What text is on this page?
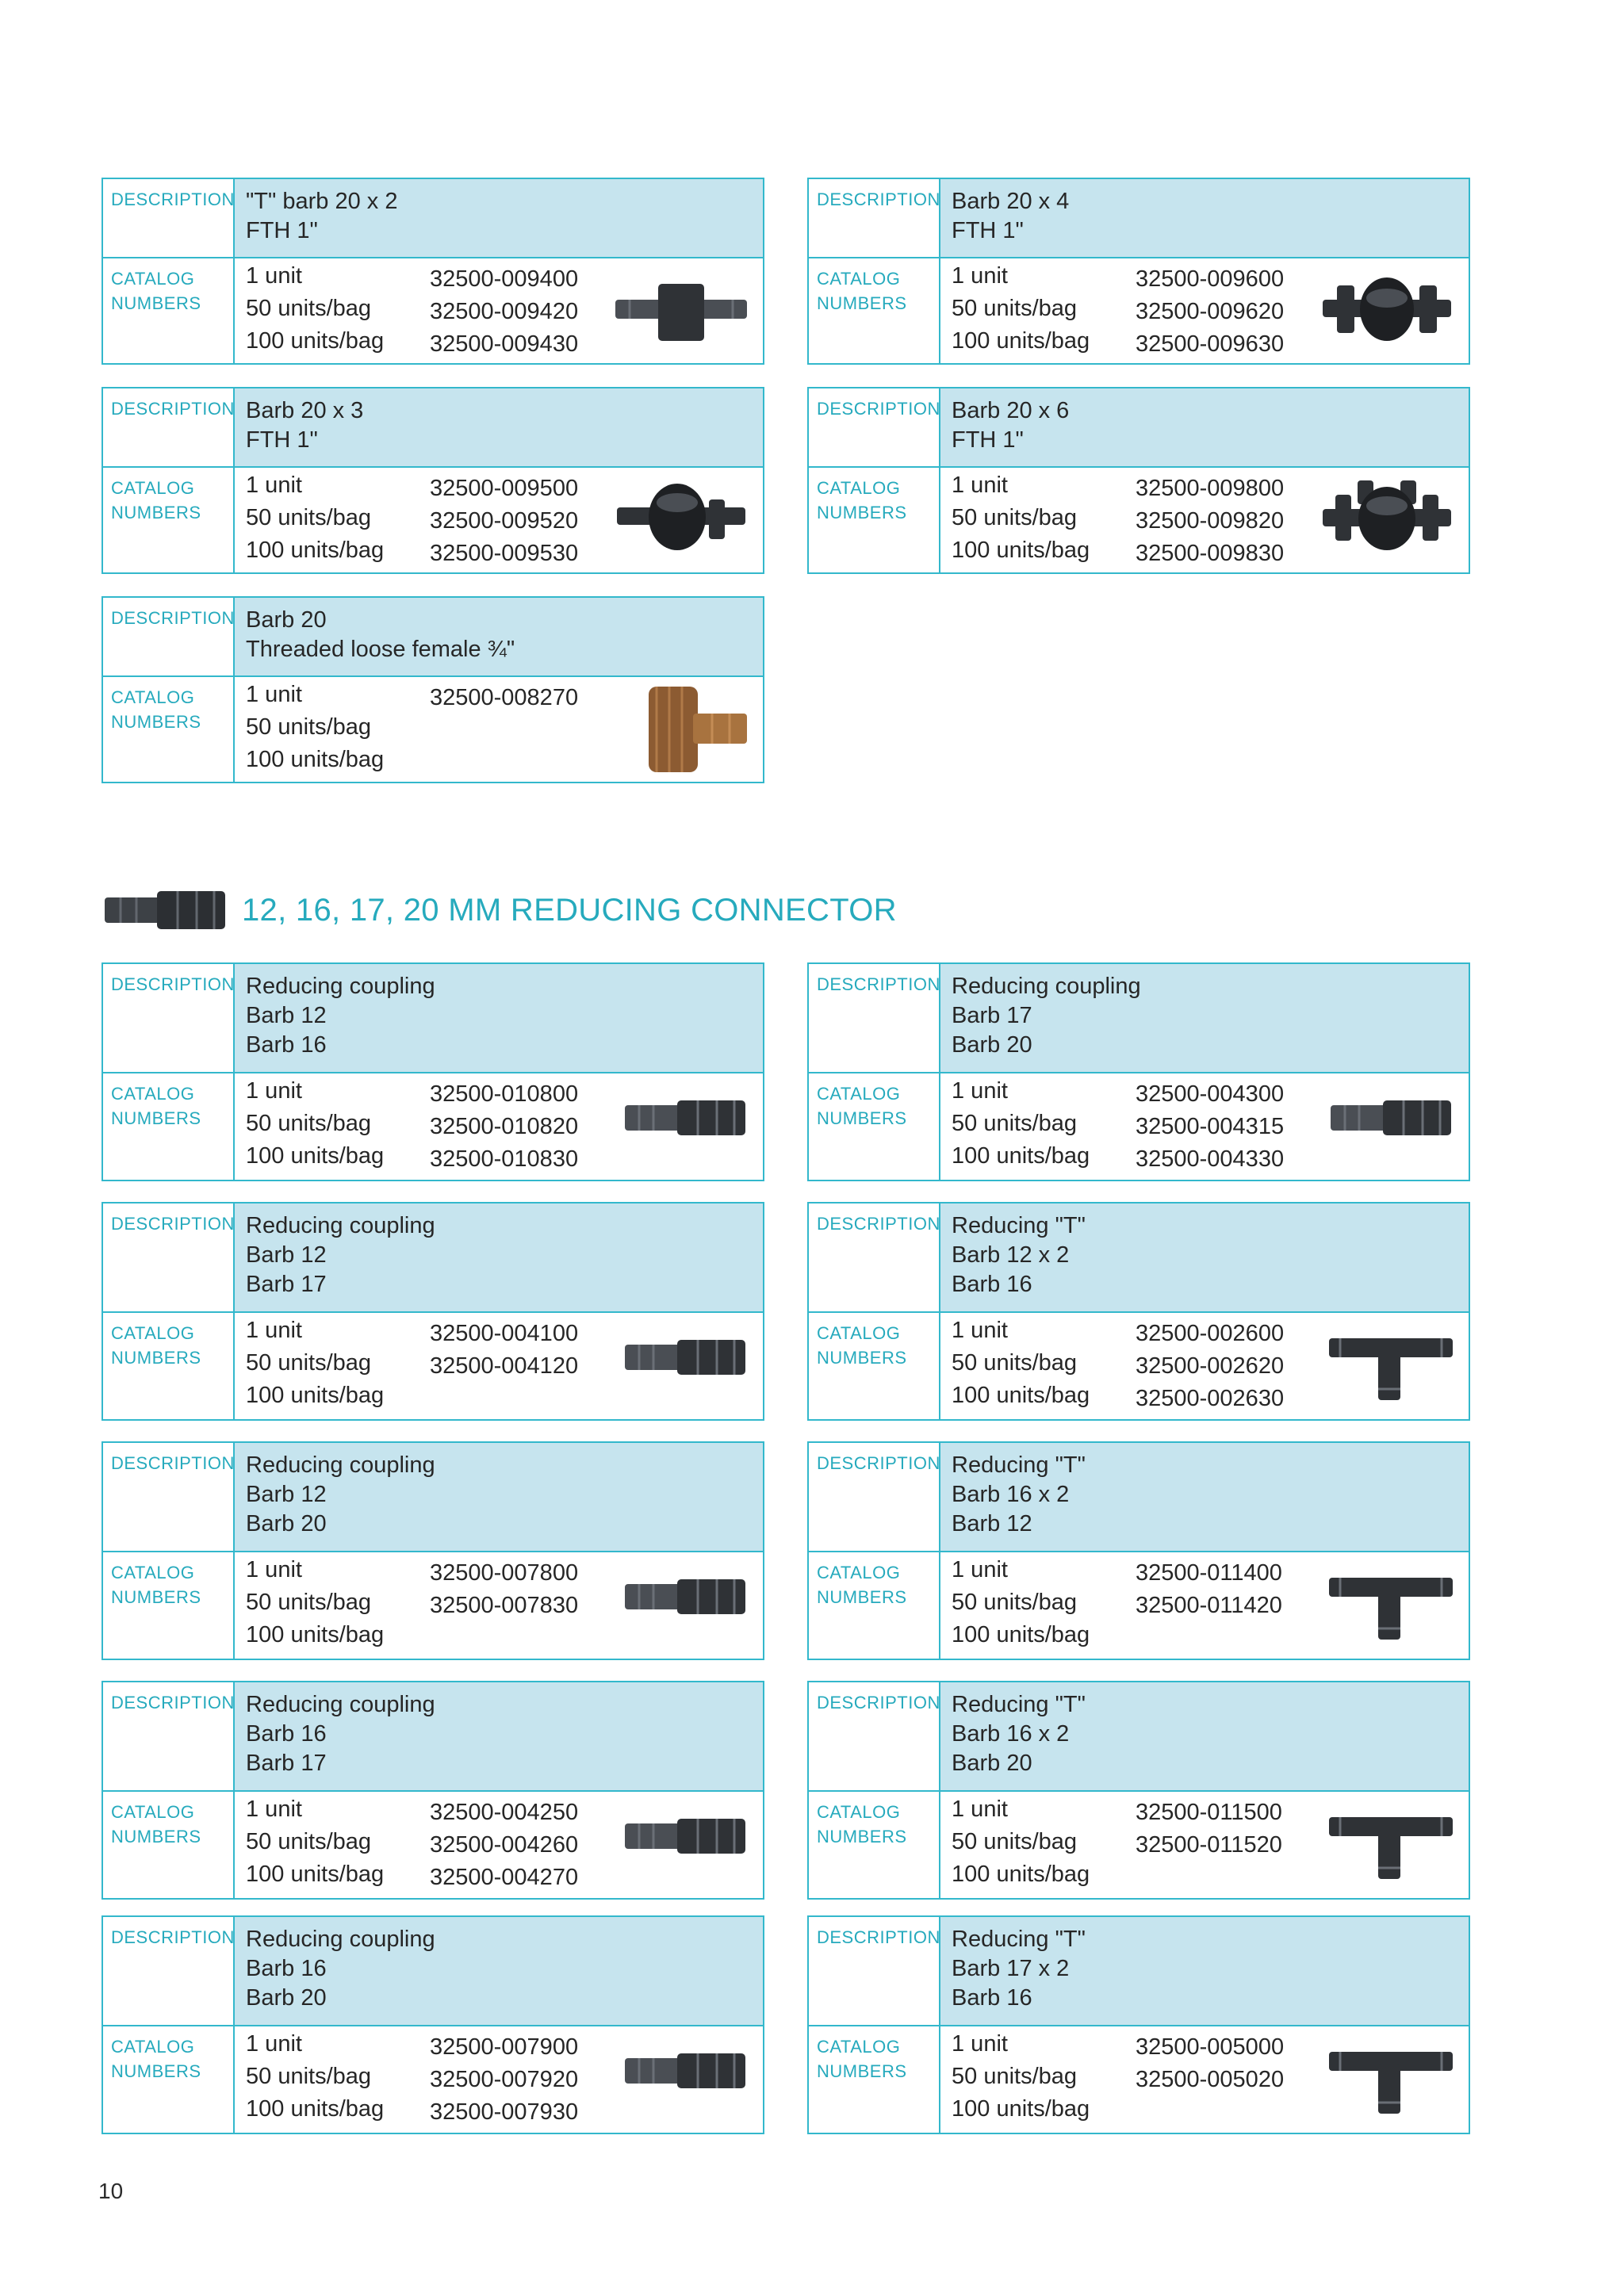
DESCRIPTION "T" barb 20 x 2
FTH 1"
CATALOG
NUMBERS
1 unit
50 units/bag
100 units/bag
32500-009400
32500-009420
32500-009430
DESCRIPTION Barb 20 x 4
FTH 1"
CATALOG
NUMBERS
1 unit
50 units/bag
100 units/bag
32500-009600
32500-009620
32500-009630
DESCRIPTION Barb 20 x 3
FTH 1"
CATALOG
NUMBERS
1 unit
50 units/bag
100 units/bag
32500-009500
32500-009520
32500-009530
DESCRIPTION Barb 20 x 6
FTH 1"
CATALOG
NUMBERS
1 unit
50 units/bag
100 units/bag
32500-009800
32500-009820
32500-009830
DESCRIPTION Barb 20
Threaded loose female ¾"
CATALOG
NUMBERS
1 unit
50 units/bag
100 units/bag
32500-008270
12, 16, 17, 20 MM REDUCING CONNECTOR
DESCRIPTION Reducing coupling
Barb 12
Barb 16
CATALOG
NUMBERS
1 unit
50 units/bag
100 units/bag
32500-010800
32500-010820
32500-010830
DESCRIPTION Reducing coupling
Barb 17
Barb 20
CATALOG
NUMBERS
1 unit
50 units/bag
100 units/bag
32500-004300
32500-004315
32500-004330
DESCRIPTION Reducing coupling
Barb 12
Barb 17
CATALOG
NUMBERS
1 unit
50 units/bag
100 units/bag
32500-004100
32500-004120
DESCRIPTION Reducing "T"
Barb 12 x 2
Barb 16
CATALOG
NUMBERS
1 unit
50 units/bag
100 units/bag
32500-002600
32500-002620
32500-002630
DESCRIPTION Reducing coupling
Barb 12
Barb 20
CATALOG
NUMBERS
1 unit
50 units/bag
100 units/bag
32500-007800
32500-007830
DESCRIPTION Reducing "T"
Barb 16 x 2
Barb 12
CATALOG
NUMBERS
1 unit
50 units/bag
100 units/bag
32500-011400
32500-011420
DESCRIPTION Reducing coupling
Barb 16
Barb 17
CATALOG
NUMBERS
1 unit
50 units/bag
100 units/bag
32500-004250
32500-004260
32500-004270
DESCRIPTION Reducing "T"
Barb 16 x 2
Barb 20
CATALOG
NUMBERS
1 unit
50 units/bag
100 units/bag
32500-011500
32500-011520
DESCRIPTION Reducing coupling
Barb 16
Barb 20
CATALOG
NUMBERS
1 unit
50 units/bag
100 units/bag
32500-007900
32500-007920
32500-007930
DESCRIPTION Reducing "T"
Barb 17 x 2
Barb 16
CATALOG
NUMBERS
1 unit
50 units/bag
100 units/bag
32500-005000
32500-005020
10
